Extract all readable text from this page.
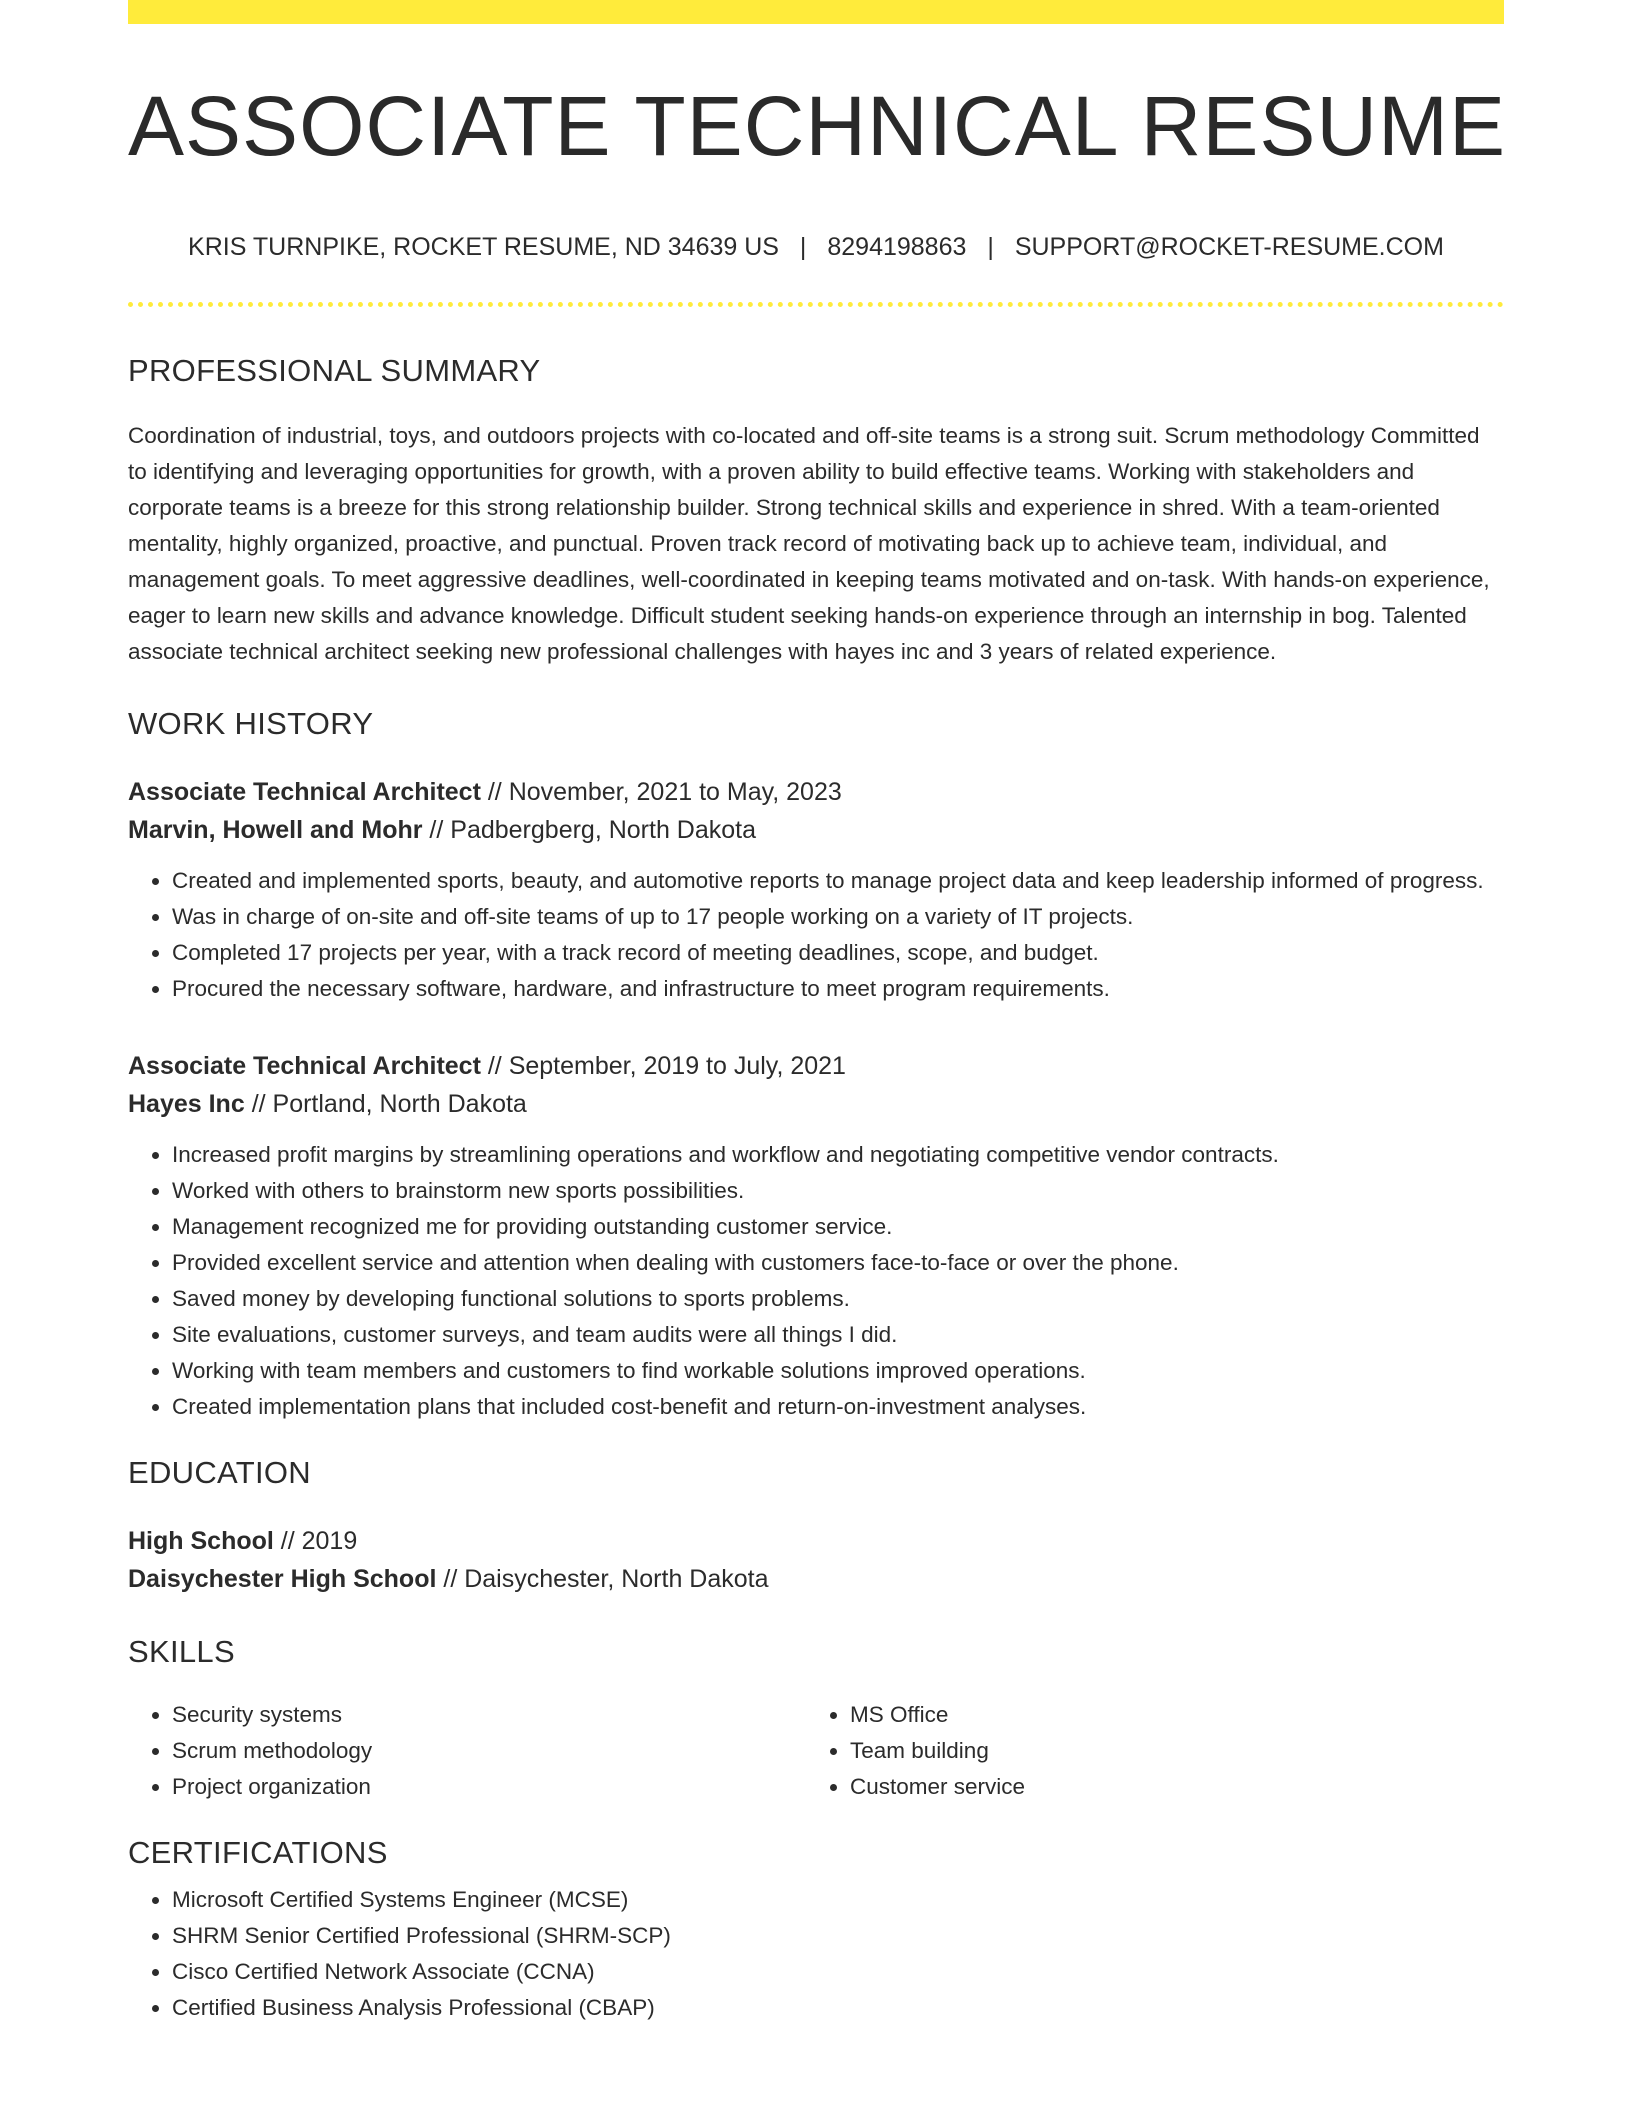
ASSOCIATE TECHNICAL RESUME
KRIS TURNPIKE, ROCKET RESUME, ND 34639 US | 8294198863 | SUPPORT@ROCKET-RESUME.COM
PROFESSIONAL SUMMARY

Coordination of industrial, toys, and outdoors projects with co-located and off-site teams is a strong suit. Scrum methodology Committed to identifying and leveraging opportunities for growth, with a proven ability to build effective teams. Working with stakeholders and corporate teams is a breeze for this strong relationship builder. Strong technical skills and experience in shred. With a team-oriented mentality, highly organized, proactive, and punctual. Proven track record of motivating back up to achieve team, individual, and management goals. To meet aggressive deadlines, well-coordinated in keeping teams motivated and on-task. With hands-on experience, eager to learn new skills and advance knowledge. Difficult student seeking hands-on experience through an internship in bog. Talented associate technical architect seeking new professional challenges with hayes inc and 3 years of related experience.

WORK HISTORY
Associate Technical Architect // November, 2021 to May, 2023
Marvin, Howell and Mohr // Padbergberg, North Dakota
• Created and implemented sports, beauty, and automotive reports to manage project data and keep leadership informed of progress.
• Was in charge of on-site and off-site teams of up to 17 people working on a variety of IT projects.
• Completed 17 projects per year, with a track record of meeting deadlines, scope, and budget.
• Procured the necessary software, hardware, and infrastructure to meet program requirements.
Associate Technical Architect // September, 2019 to July, 2021
Hayes Inc // Portland, North Dakota
• Increased profit margins by streamlining operations and workflow and negotiating competitive vendor contracts.
• Worked with others to brainstorm new sports possibilities.
• Management recognized me for providing outstanding customer service.
• Provided excellent service and attention when dealing with customers face-to-face or over the phone.
• Saved money by developing functional solutions to sports problems.
• Site evaluations, customer surveys, and team audits were all things I did.
• Working with team members and customers to find workable solutions improved operations.
• Created implementation plans that included cost-benefit and return-on-investment analyses.
EDUCATION
High School // 2019
Daisychester High School // Daisychester, North Dakota
SKILLS
• Security systems
• Scrum methodology
• Project organization
• MS Office
• Team building
• Customer service
CERTIFICATIONS
• Microsoft Certified Systems Engineer (MCSE)
• SHRM Senior Certified Professional (SHRM-SCP)
• Cisco Certified Network Associate (CCNA)
• Certified Business Analysis Professional (CBAP)
